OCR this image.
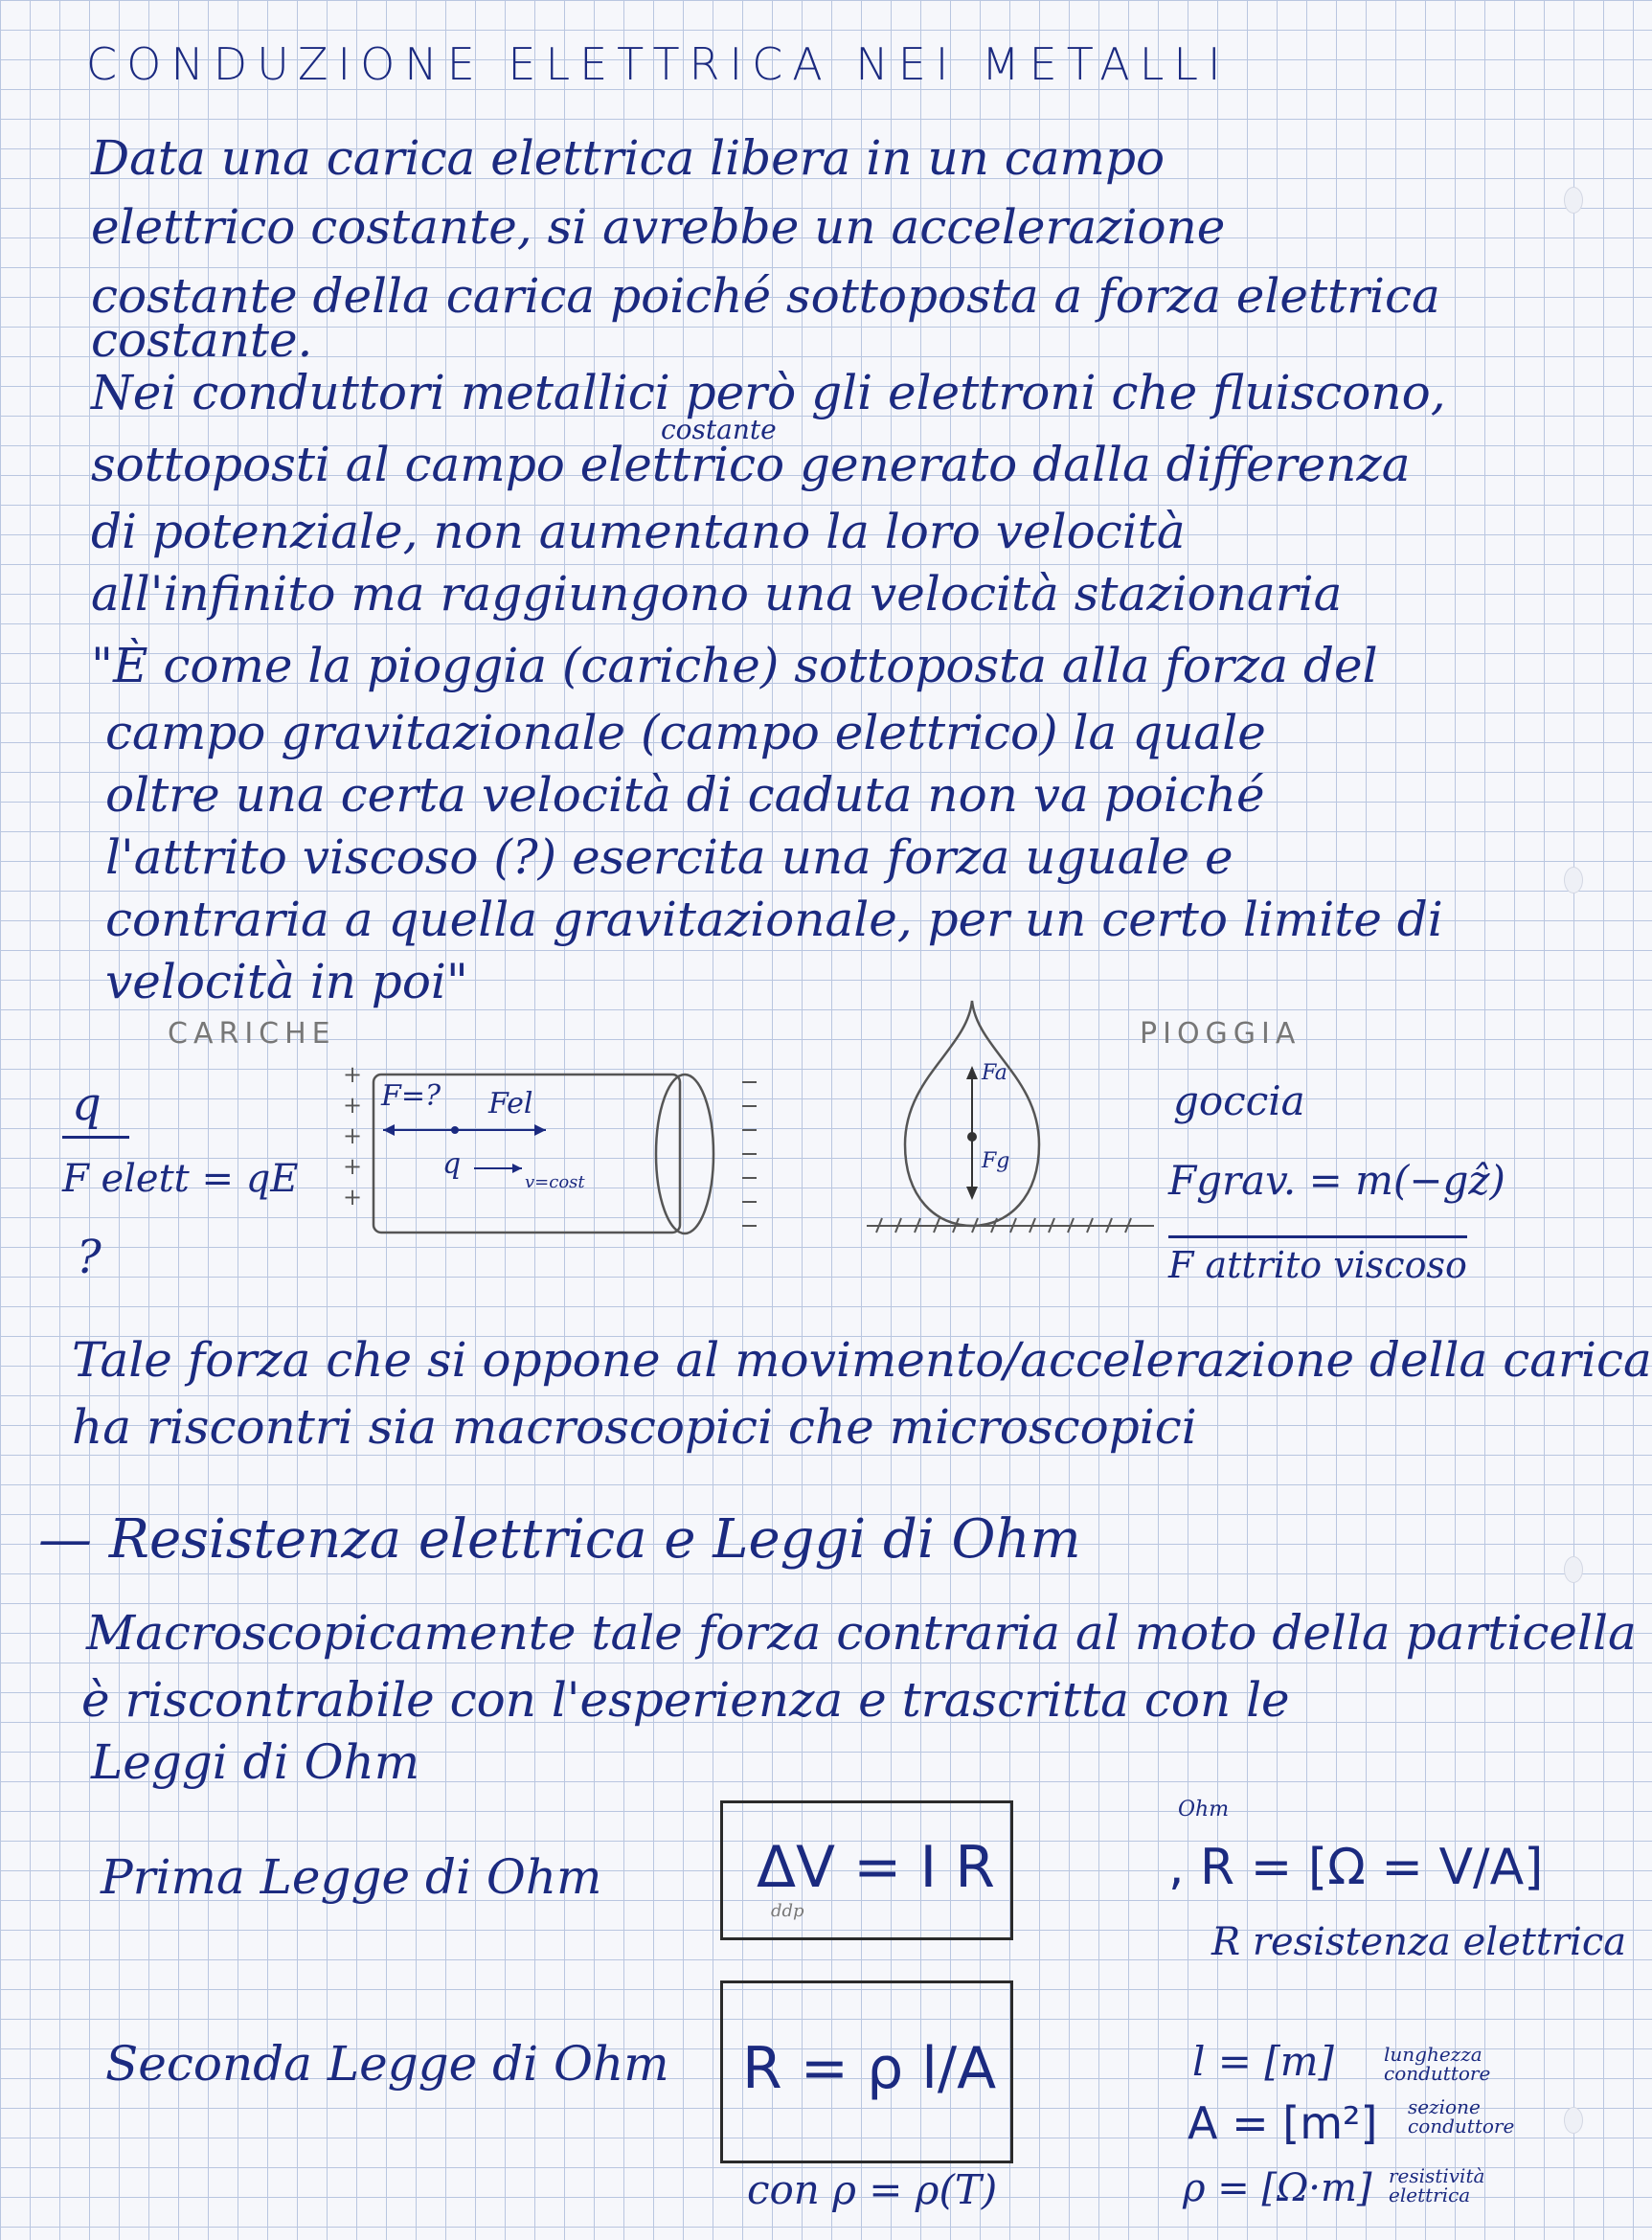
CONDUZIONE ELETTRICA NEI METALLI
Data una carica elettrica libera in un campo
elettrico costante, si avrebbe un accelerazione
costante della carica poiché sottoposta a forza elettrica
costante.
Nei conduttori metallici però gli elettroni che fluiscono,
costante
sottoposti al campo elettrico generato dalla differenza
di potenziale, non aumentano la loro velocità
all'infinito ma raggiungono una velocità stazionaria
"È come la pioggia (cariche) sottoposta alla forza del
campo gravitazionale (campo elettrico) la quale
oltre una certa velocità di caduta non va poiché
l'attrito viscoso (?) esercita una forza uguale e
contraria a quella gravitazionale, per un certo limite di
velocità in poi"
CARICHE	PIOGGIA
q
F elett = qE
?
+
+
+
+
+
F=? Fel
q
v=cost
Fa
Fg
goccia
Fgrav. = m(−gẑ)
F attrito viscoso
Tale forza che si oppone al movimento/accelerazione della carica
ha riscontri sia macroscopici che microscopici
— Resistenza elettrica e Leggi di Ohm
Macroscopicamente tale forza contraria al moto della particella
è riscontrabile con l'esperienza e trascritta con le
Leggi di Ohm
Prima Legge di Ohm	ΔV = I R
ddp
Ohm
, R = [Ω = V/A]
R resistenza elettrica
Seconda Legge di Ohm R = ρ l/A
con ρ = ρ(T)
l = [m]	lunghezza conduttore
A = [m²] sezione conduttore
ρ = [Ω·m] resistività elettrica
